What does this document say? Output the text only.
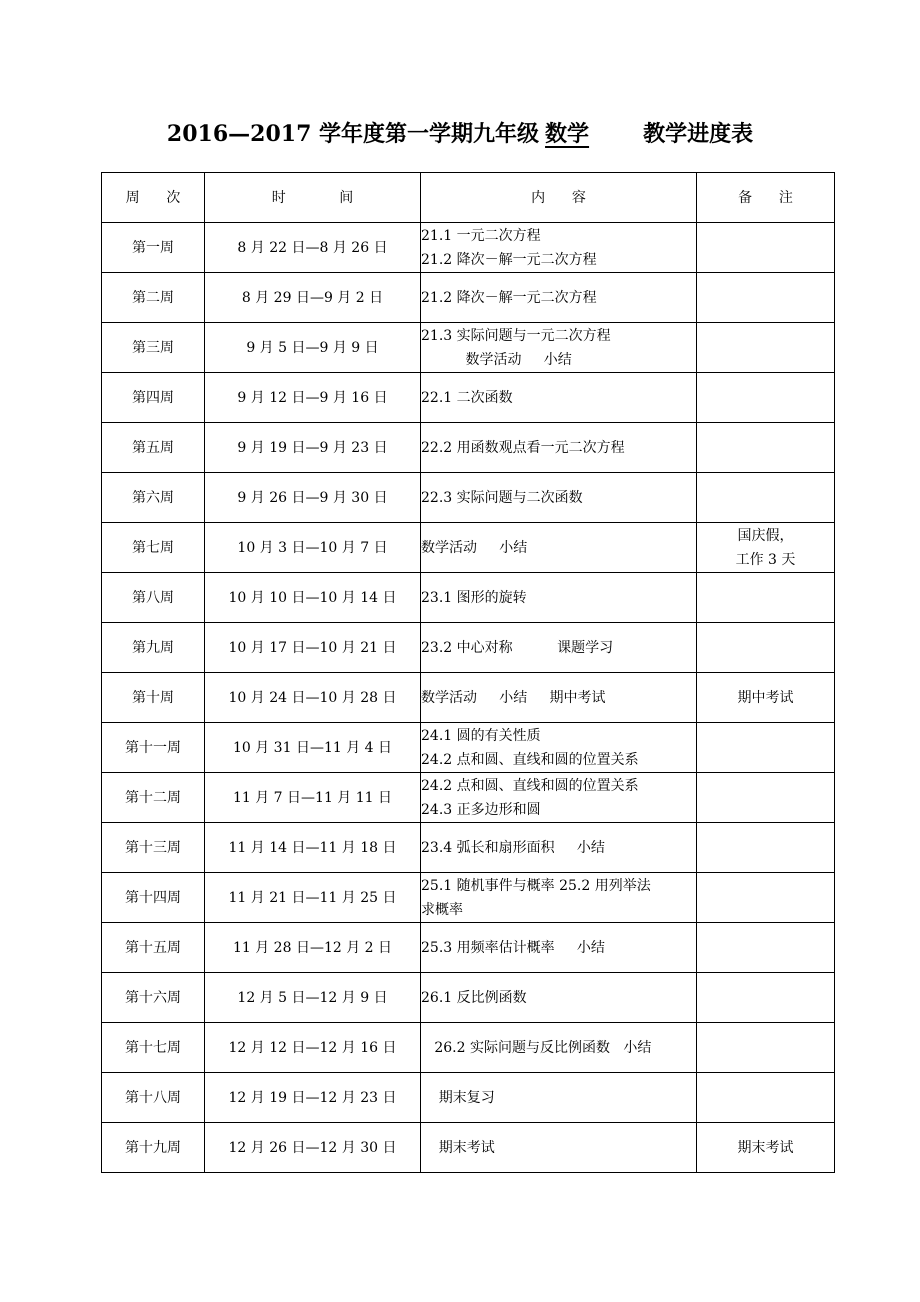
2016—2017 学年度第一学期九年级 数学 教学进度表
周      次	时            间	内      容	备      注
第一周	8 月 22 日—8 月 26 日	21.1 一元二次方程
21.2 降次－解一元二次方程	

第二周	8 月 29 日—9 月 2 日	21.2 降次－解一元二次方程	

第三周	9 月 5 日—9 月 9 日	21.3 实际问题与一元二次方程
数学活动     小结	

第四周	9 月 12 日—9 月 16 日	22.1 二次函数	

第五周	9 月 19 日—9 月 23 日	22.2 用函数观点看一元二次方程	

第六周	9 月 26 日—9 月 30 日	22.3 实际问题与二次函数	

第七周	10 月 3 日—10 月 7 日	数学活动     小结	国庆假，
工作 3 天

第八周	10 月 10 日—10 月 14 日	23.1 图形的旋转	

第九周	10 月 17 日—10 月 21 日	23.2 中心对称          课题学习	

第十周	10 月 24 日—10 月 28 日	数学活动     小结     期中考试	期中考试

第十一周	10 月 31 日—11 月 4 日	24.1 圆的有关性质
24.2 点和圆、直线和圆的位置关系	

第十二周	11 月 7 日—11 月 11 日	24.2 点和圆、直线和圆的位置关系
24.3 正多边形和圆	

第十三周	11 月 14 日—11 月 18 日	23.4 弧长和扇形面积     小结	

第十四周	11 月 21 日—11 月 25 日	25.1 随机事件与概率 25.2 用列举法
求概率	

第十五周	11 月 28 日—12 月 2 日	25.3 用频率估计概率     小结	

第十六周	12 月 5 日—12 月 9 日	26.1 反比例函数	

第十七周	12 月 12 日—12 月 16 日	26.2 实际问题与反比例函数   小结	

第十八周	12 月 19 日—12 月 23 日	期末复习	

第十九周	12 月 26 日—12 月 30 日	期末考试	期末考试
